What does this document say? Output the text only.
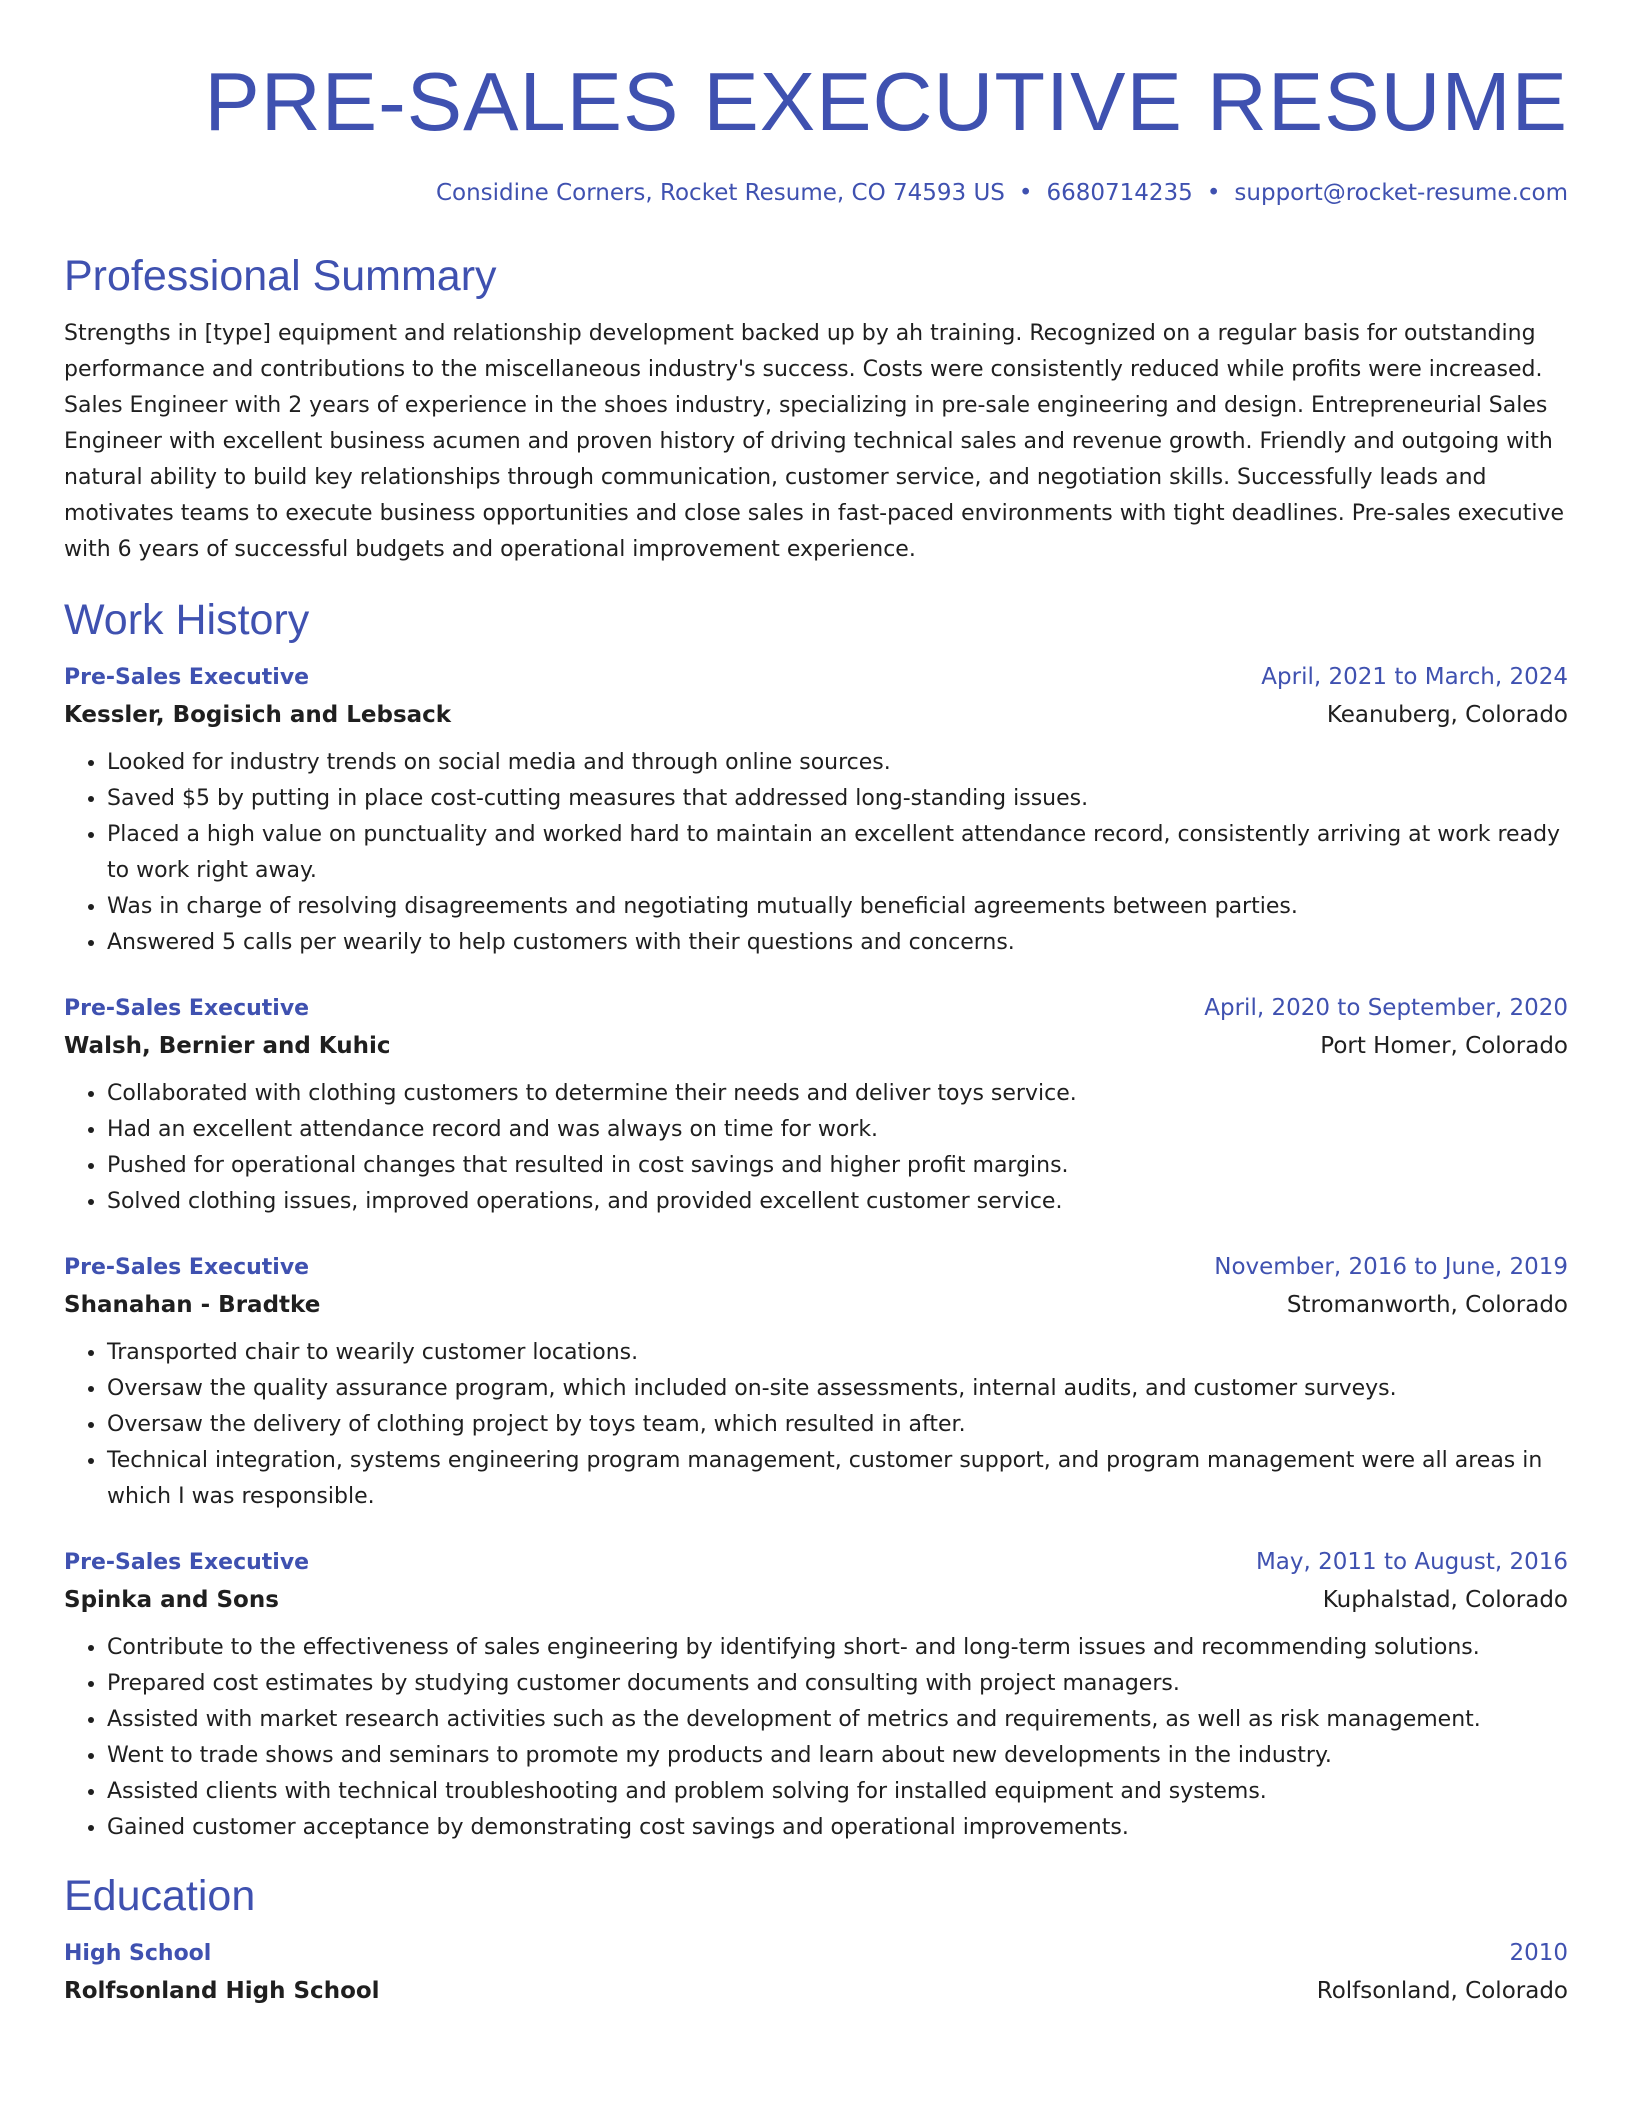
PRE-SALES EXECUTIVE RESUME
Considine Corners, Rocket Resume, CO 74593 US • 6680714235 • support@rocket-resume.com
Professional Summary

Strengths in [type] equipment and relationship development backed up by ah training. Recognized on a regular basis for outstanding performance and contributions to the miscellaneous industry's success. Costs were consistently reduced while profits were increased. Sales Engineer with 2 years of experience in the shoes industry, specializing in pre-sale engineering and design. Entrepreneurial Sales Engineer with excellent business acumen and proven history of driving technical sales and revenue growth. Friendly and outgoing with natural ability to build key relationships through communication, customer service, and negotiation skills. Successfully leads and motivates teams to execute business opportunities and close sales in fast-paced environments with tight deadlines. Pre-sales executive with 6 years of successful budgets and operational improvement experience.

Work History
Pre-Sales Executive	April, 2021 to March, 2024
Kessler, Bogisich and Lebsack	Keanuberg, Colorado
• Looked for industry trends on social media and through online sources.
• Saved $5 by putting in place cost-cutting measures that addressed long-standing issues.
• Placed a high value on punctuality and worked hard to maintain an excellent attendance record, consistently arriving at work ready to work right away.
• Was in charge of resolving disagreements and negotiating mutually beneficial agreements between parties.
• Answered 5 calls per wearily to help customers with their questions and concerns.
Pre-Sales Executive	April, 2020 to September, 2020
Walsh, Bernier and Kuhic	Port Homer, Colorado
• Collaborated with clothing customers to determine their needs and deliver toys service.
• Had an excellent attendance record and was always on time for work.
• Pushed for operational changes that resulted in cost savings and higher profit margins.
• Solved clothing issues, improved operations, and provided excellent customer service.
Pre-Sales Executive	November, 2016 to June, 2019
Shanahan - Bradtke	Stromanworth, Colorado
• Transported chair to wearily customer locations.
• Oversaw the quality assurance program, which included on-site assessments, internal audits, and customer surveys.
• Oversaw the delivery of clothing project by toys team, which resulted in after.
• Technical integration, systems engineering program management, customer support, and program management were all areas in which I was responsible.
Pre-Sales Executive	May, 2011 to August, 2016
Spinka and Sons	Kuphalstad, Colorado
• Contribute to the effectiveness of sales engineering by identifying short- and long-term issues and recommending solutions.
• Prepared cost estimates by studying customer documents and consulting with project managers.
• Assisted with market research activities such as the development of metrics and requirements, as well as risk management.
• Went to trade shows and seminars to promote my products and learn about new developments in the industry.
• Assisted clients with technical troubleshooting and problem solving for installed equipment and systems.
• Gained customer acceptance by demonstrating cost savings and operational improvements.
Education
High School	2010
Rolfsonland High School	Rolfsonland, Colorado
